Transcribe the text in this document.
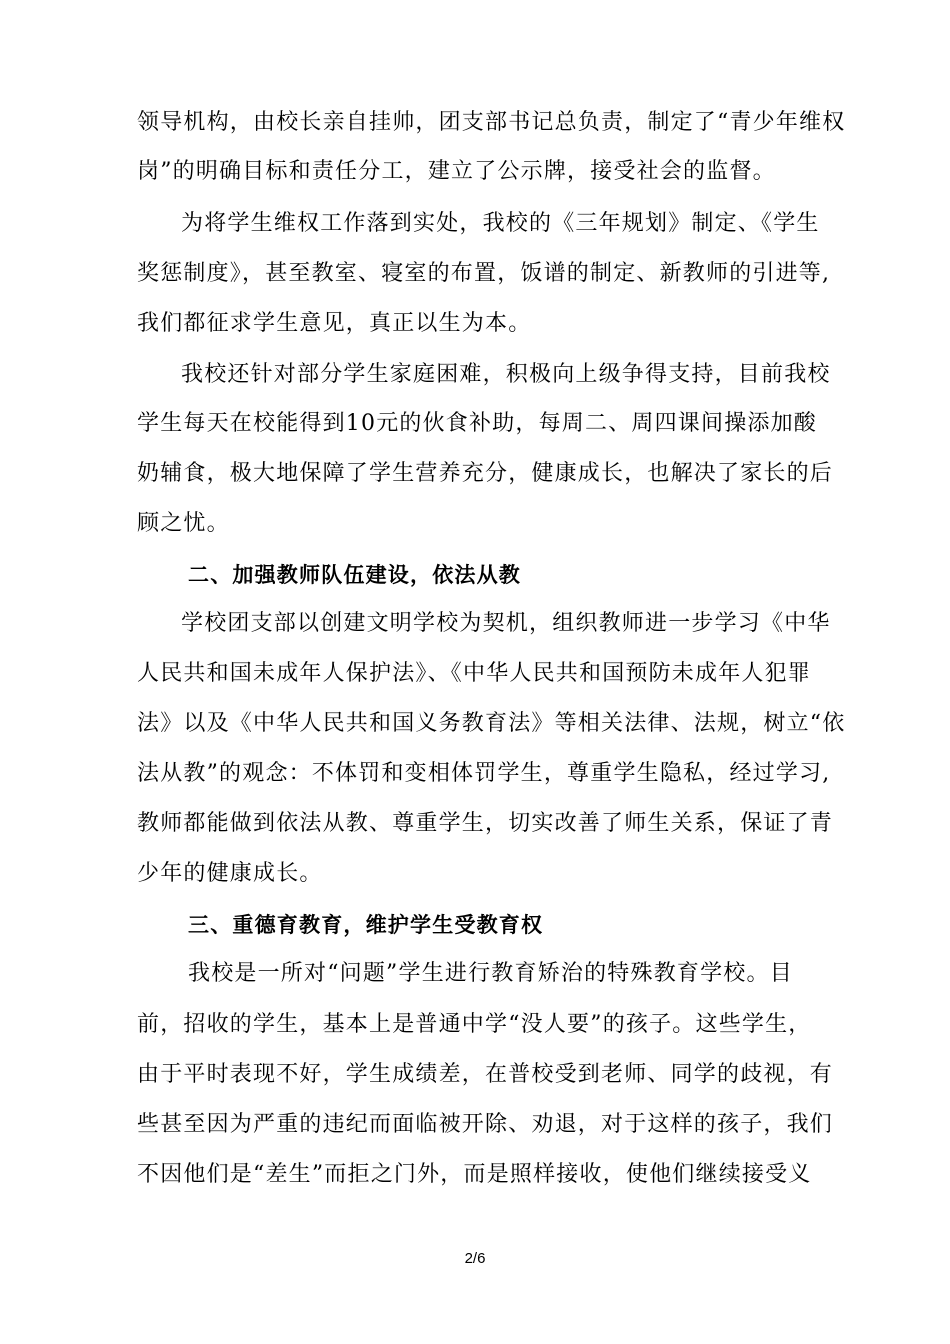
领导机构，由校长亲自挂帅，团支部书记总负责，制定了“青少年维权
岗”的明确目标和责任分工，建立了公示牌，接受社会的监督。
为将学生维权工作落到实处，我校的《三年规划》制定、《学生
奖惩制度》，甚至教室、寝室的布置，饭谱的制定、新教师的引进等,
我们都征求学生意见，真正以生为本。
我校还针对部分学生家庭困难，积极向上级争得支持，目前我校
学生每天在校能得到10元的伙食补助，每周二、周四课间操添加酸
奶辅食，极大地保障了学生营养充分，健康成长，也解决了家长的后
顾之忧。
二、加强教师队伍建设，依法从教
学校团支部以创建文明学校为契机，组织教师进一步学习《中华
人民共和国未成年人保护法》、《中华人民共和国预防未成年人犯罪
法》以及《中华人民共和国义务教育法》等相关法律、法规，树立“依
法从教”的观念：不体罚和变相体罚学生，尊重学生隐私，经过学习,
教师都能做到依法从教、尊重学生，切实改善了师生关系，保证了青
少年的健康成长。
三、重德育教育，维护学生受教育权
我校是一所对“问题”学生进行教育矫治的特殊教育学校。目
前，招收的学生，基本上是普通中学“没人要”的孩子。这些学生，
由于平时表现不好，学生成绩差，在普校受到老师、同学的歧视，有
些甚至因为严重的违纪而面临被开除、劝退，对于这样的孩子，我们
不因他们是“差生”而拒之门外，而是照样接收，使他们继续接受义
2/6
